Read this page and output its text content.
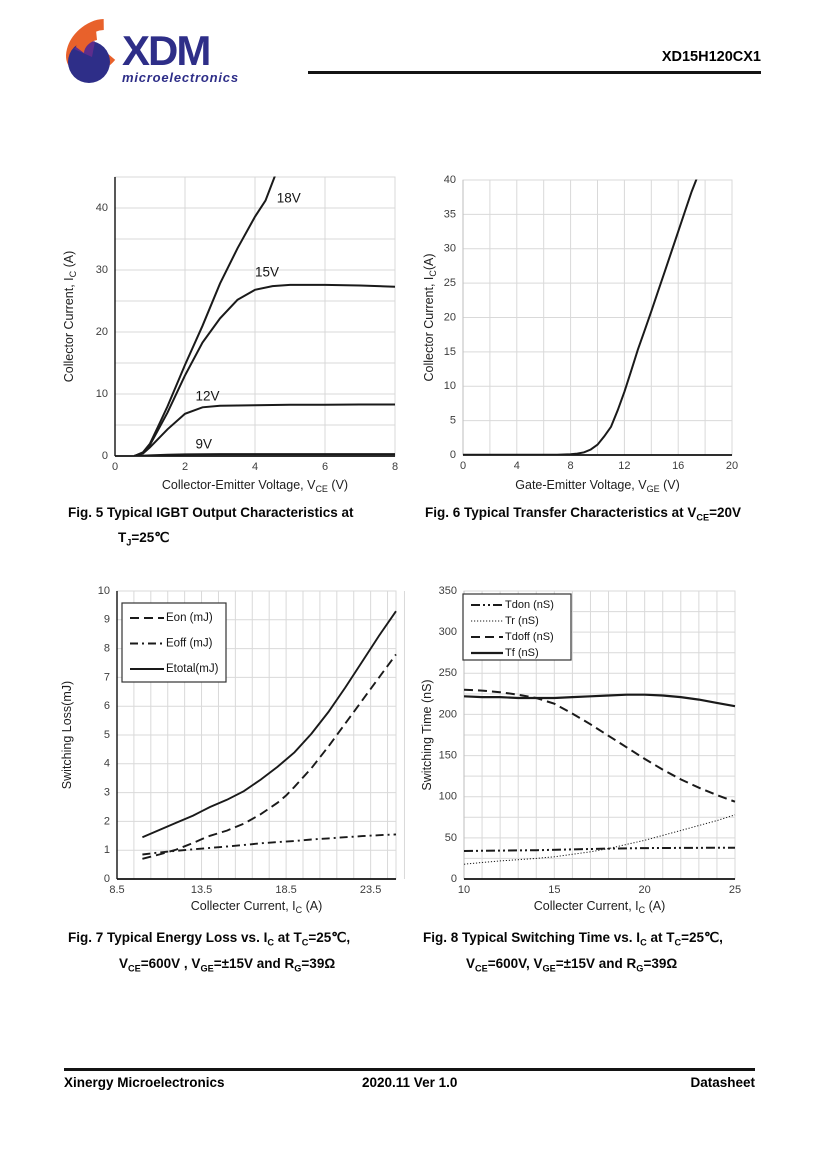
XDM
microelectronics
XD15H120CX1
0	2	4	6	8
0
10
20
30
40
Collector-Emitter Voltage, $V_{CE}$ (V)
Collector Current, $I_C$ (A)
18V
15V
12V
9V
0	4	8	12	16	20
0
5
10
15
20
25
30
35
40
Gate-Emitter Voltage, $V_{GE}$ (V)
Collector Current, $I_C(A)$
8.5	13.5	18.5	23.5
0
1
2
3
4
5
6
7
8
9
10
Collecter Current, $I_C$ (A)
Switching Loss(mJ)
Eon (mJ)
Eoff (mJ)
Etotal(mJ)
10	15	20	25
0
50
100
150
200
250
300
350
Collecter Current, $I_C$ (A)
Switching Time (nS)
Tdon (nS)
Tr (nS)
Tdoff (nS)
Tf (nS)
Fig. 5 Typical IGBT Output Characteristics at
$T_J=25℃$
Fig. 6 Typical Transfer Characteristics at $V_{CE}=20V$
Fig. 7 Typical Energy Loss vs. $I_C$ at $T_C=25℃$,
$V_{CE}=600V$ , $V_{GE}=\pm 15V$ and $R_G=39\Omega$
Fig. 8 Typical Switching Time vs. $I_C$ at $T_C=25℃$,
$V_{CE}=600V$, $V_{GE}=\pm 15V$ and $R_G=39\Omega$
Xinergy Microelectronics	2020.11 Ver 1.0	Datasheet
